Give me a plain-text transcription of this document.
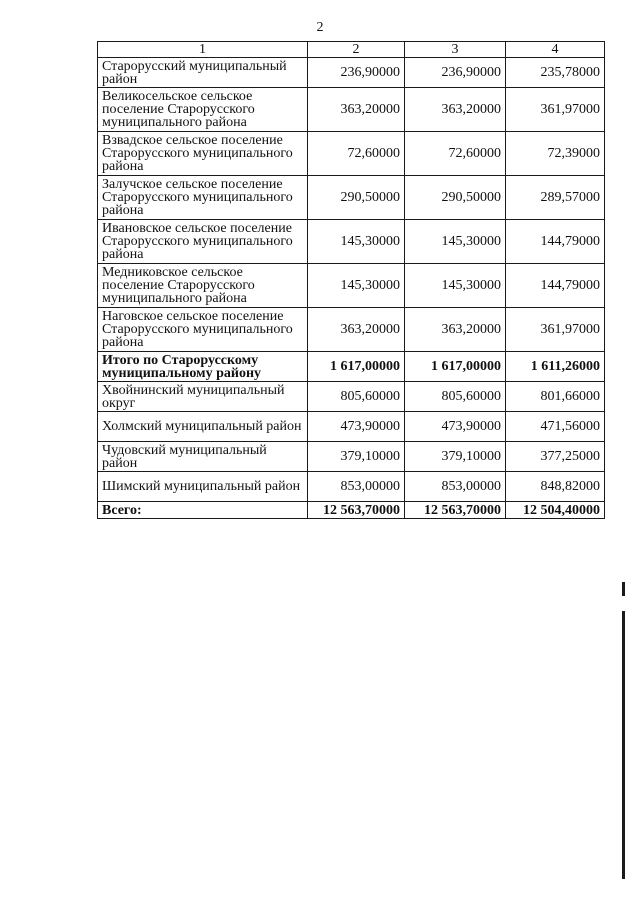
2
1	2	3	4
Старорусский муниципальный район	236,90000	236,90000	235,78000
Великосельское сельское поселение Старорусского муниципального района	363,20000	363,20000	361,97000
Взвадское сельское поселение Старорусского муниципального района	72,60000	72,60000	72,39000
Залучское сельское поселение Старорусского муниципального района	290,50000	290,50000	289,57000
Ивановское сельское поселение Старорусского муниципального района	145,30000	145,30000	144,79000
Медниковское сельское поселение Старорусского муниципального района	145,30000	145,30000	144,79000
Наговское сельское поселение Старорусского муниципального района	363,20000	363,20000	361,97000
Итого по Старорусскому муниципальному району	1 617,00000	1 617,00000	1 611,26000
Хвойнинский муниципальный округ	805,60000	805,60000	801,66000
Холмский муниципальный район	473,90000	473,90000	471,56000
Чудовский муниципальный район	379,10000	379,10000	377,25000
Шимский муниципальный район	853,00000	853,00000	848,82000
Всего:	12 563,70000	12 563,70000	12 504,40000
